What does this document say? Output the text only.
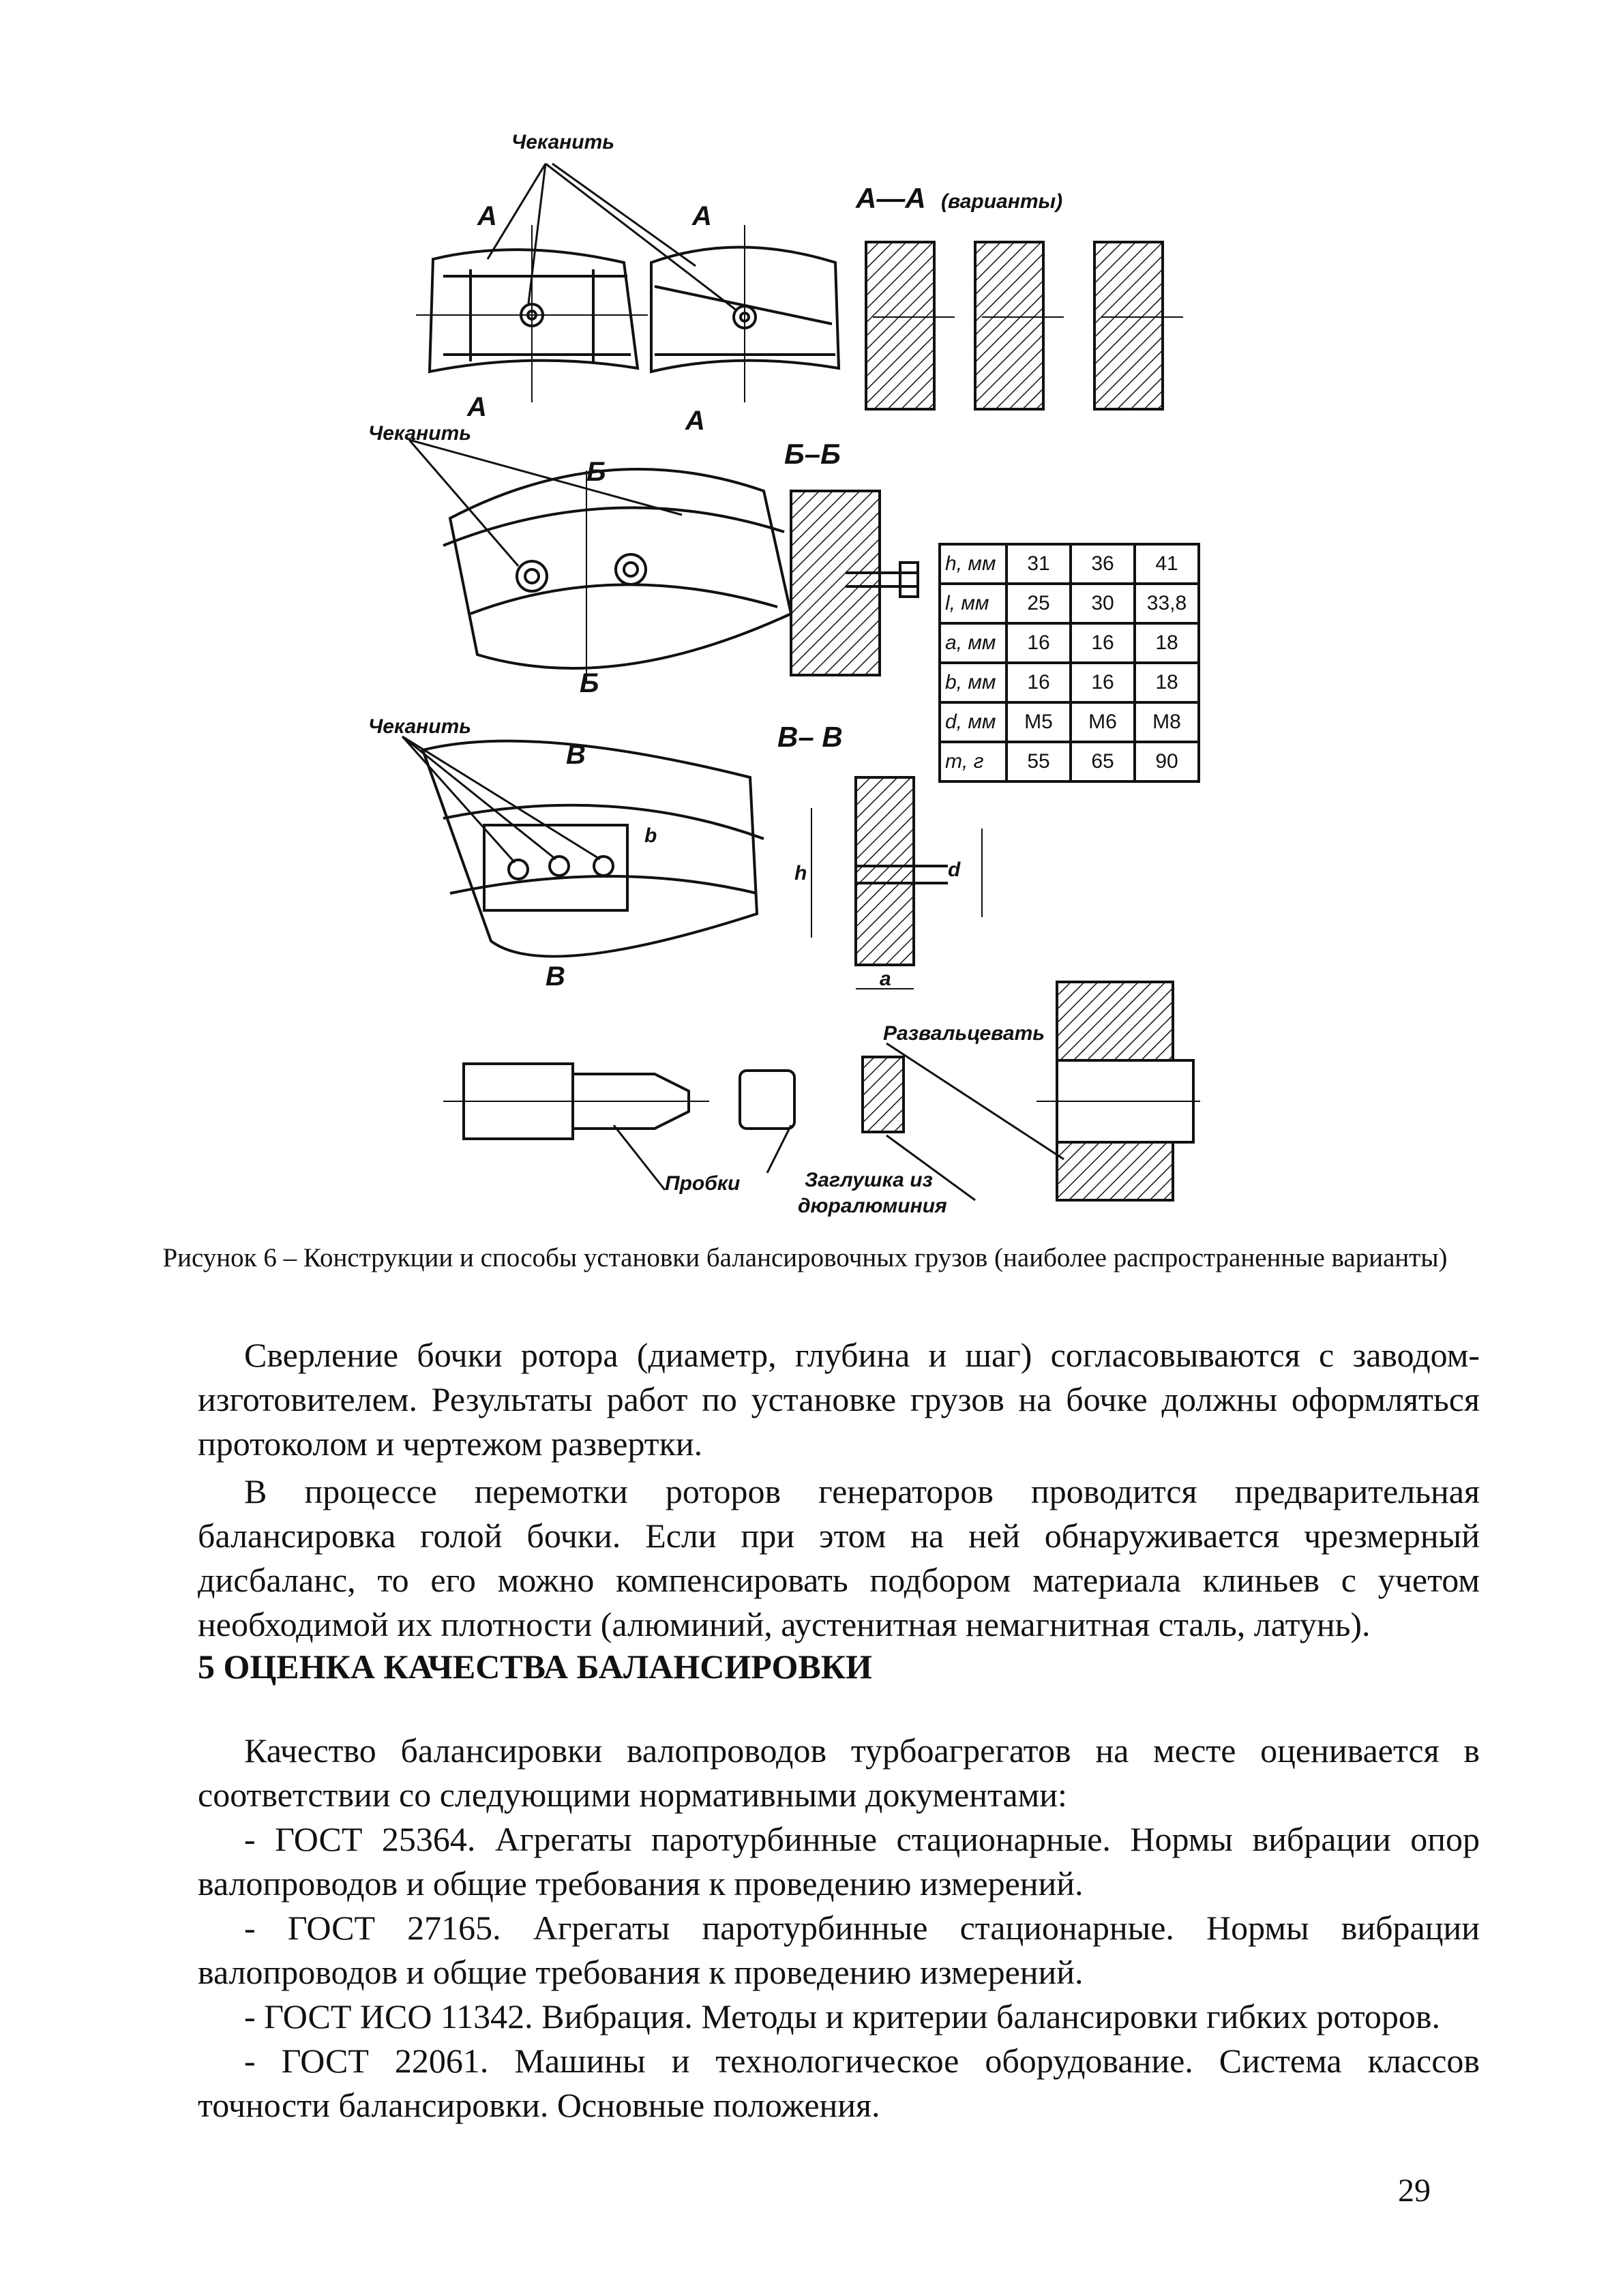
Чеканить
Чеканить
Чеканить
А—А (варианты)
Б–Б
В– В
А	А
А	А
Б
Б
В
В
h	d
a
b
Развальцевать
Пробки	Заглушка из
дюралюминия
h, мм	31	36	41
l, мм	25	30	33,8
a, мм	16	16	18
b, мм	16	16	18
d, мм	M5	M6	M8
m, г	55	65	90
Рисунок 6 – Конструкции и способы установки балансировочных грузов (наиболее распространенные варианты)
Сверление бочки ротора (диаметр, глубина и шаг) согласовываются с заводом-изготовителем. Результаты работ по установке грузов на бочке должны оформляться протоколом и чертежом развертки.
В процессе перемотки роторов генераторов проводится предварительная балансировка голой бочки. Если при этом на ней обнаруживается чрезмерный дисбаланс, то его можно компенсировать подбором материала клиньев с учетом необходимой их плотности (алюминий, аустенитная немагнитная сталь, латунь).
5 ОЦЕНКА КАЧЕСТВА БАЛАНСИРОВКИ
Качество балансировки валопроводов турбоагрегатов на месте оценивается в соответствии со следующими нормативными документами:
- ГОСТ 25364. Агрегаты паротурбинные стационарные. Нормы вибрации опор валопроводов и общие требования к проведению измерений.
- ГОСТ 27165. Агрегаты паротурбинные стационарные. Нормы вибрации валопроводов и общие требования к проведению измерений.
- ГОСТ ИСО 11342. Вибрация. Методы и критерии балансировки гибких роторов.
- ГОСТ 22061. Машины и технологическое оборудование. Система классов точности балансировки. Основные положения.
29
